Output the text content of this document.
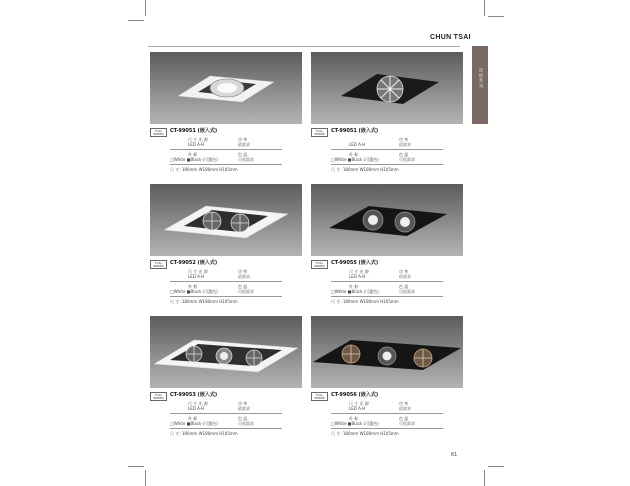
CHUN TSAI
崁 燈 系 列
FULL SERIES
CT-99051 (嵌入式)
尺 寸 光 源
LED A-H
功 率
依需求
外 框
□White ■Black (可選色)
色 溫
可依需求
尺 寸: 180mm W180mm H105mm
FULL SERIES
CT-99051 (嵌入式)
LED A-H
功 率
依需求
外 框
□White ■Black (可選色)
色 溫
可依需求
尺 寸: 180mm W180mm H105mm
FULL SERIES
CT-99052 (嵌入式)
尺 寸 光 源
LED A-H
功 率
依需求
外 框
□White ■Black (可選色)
色 溫
可依需求
尺 寸: 180mm W180mm H105mm
FULL SERIES
CT-99055 (嵌入式)
尺 寸 光 源
LED A-H
功 率
依需求
外 框
□White ■Black (可選色)
色 溫
可依需求
尺 寸: 180mm W180mm H105mm
FULL SERIES
CT-99053 (嵌入式)
尺 寸 光 源
LED A-H
功 率
依需求
外 框
□White ■Black (可選色)
色 溫
可依需求
尺 寸: 180mm W180mm H105mm
FULL SERIES
CT-99056 (嵌入式)
尺 寸 光 源
LED A-H
功 率
依需求
外 框
□White ■Black (可選色)
色 溫
可依需求
尺 寸: 180mm W180mm H105mm
61
